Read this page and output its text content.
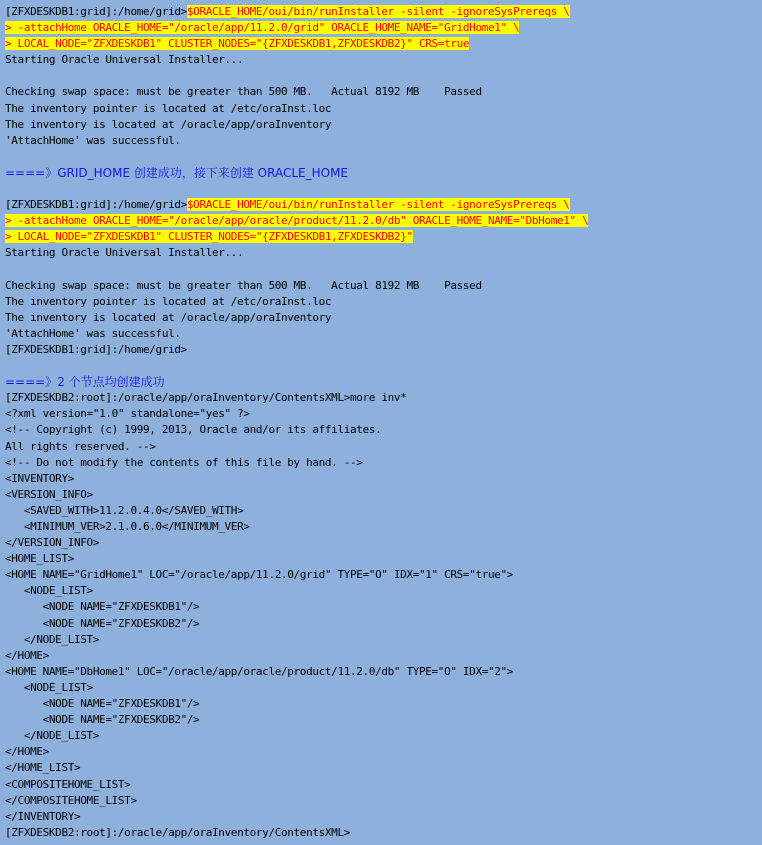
[ZFXDESKDB1:grid]:/home/grid>$ORACLE_HOME/oui/bin/runInstaller -silent -ignoreSysPrereqs \
> -attachHome ORACLE_HOME="/oracle/app/11.2.0/grid" ORACLE_HOME_NAME="GridHome1" \
> LOCAL_NODE="ZFXDESKDB1" CLUSTER_NODES="{ZFXDESKDB1,ZFXDESKDB2}" CRS=true
Starting Oracle Universal Installer...
Checking swap space: must be greater than 500 MB.   Actual 8192 MB    Passed
The inventory pointer is located at /etc/oraInst.loc
The inventory is located at /oracle/app/oraInventory
'AttachHome' was successful.
====》GRID_HOME 创建成功，接下来创建 ORACLE_HOME
[ZFXDESKDB1:grid]:/home/grid>$ORACLE_HOME/oui/bin/runInstaller -silent -ignoreSysPrereqs \
> -attachHome ORACLE_HOME="/oracle/app/oracle/product/11.2.0/db" ORACLE_HOME_NAME="DbHome1" \
> LOCAL_NODE="ZFXDESKDB1" CLUSTER_NODES="{ZFXDESKDB1,ZFXDESKDB2}"
Starting Oracle Universal Installer...
Checking swap space: must be greater than 500 MB.   Actual 8192 MB    Passed
The inventory pointer is located at /etc/oraInst.loc
The inventory is located at /oracle/app/oraInventory
'AttachHome' was successful.
[ZFXDESKDB1:grid]:/home/grid>
====》2 个节点均创建成功
[ZFXDESKDB2:root]:/oracle/app/oraInventory/ContentsXML>more inv*
<?xml version="1.0" standalone="yes" ?>
<!-- Copyright (c) 1999, 2013, Oracle and/or its affiliates.
All rights reserved. -->
<!-- Do not modify the contents of this file by hand. -->
<INVENTORY>
<VERSION_INFO>
<SAVED_WITH>11.2.0.4.0</SAVED_WITH>
<MINIMUM_VER>2.1.0.6.0</MINIMUM_VER>
</VERSION_INFO>
<HOME_LIST>
<HOME NAME="GridHome1" LOC="/oracle/app/11.2.0/grid" TYPE="O" IDX="1" CRS="true">
<NODE_LIST>
<NODE NAME="ZFXDESKDB1"/>
<NODE NAME="ZFXDESKDB2"/>
</NODE_LIST>
</HOME>
<HOME NAME="DbHome1" LOC="/oracle/app/oracle/product/11.2.0/db" TYPE="O" IDX="2">
<NODE_LIST>
<NODE NAME="ZFXDESKDB1"/>
<NODE NAME="ZFXDESKDB2"/>
</NODE_LIST>
</HOME>
</HOME_LIST>
<COMPOSITEHOME_LIST>
</COMPOSITEHOME_LIST>
</INVENTORY>
[ZFXDESKDB2:root]:/oracle/app/oraInventory/ContentsXML>
